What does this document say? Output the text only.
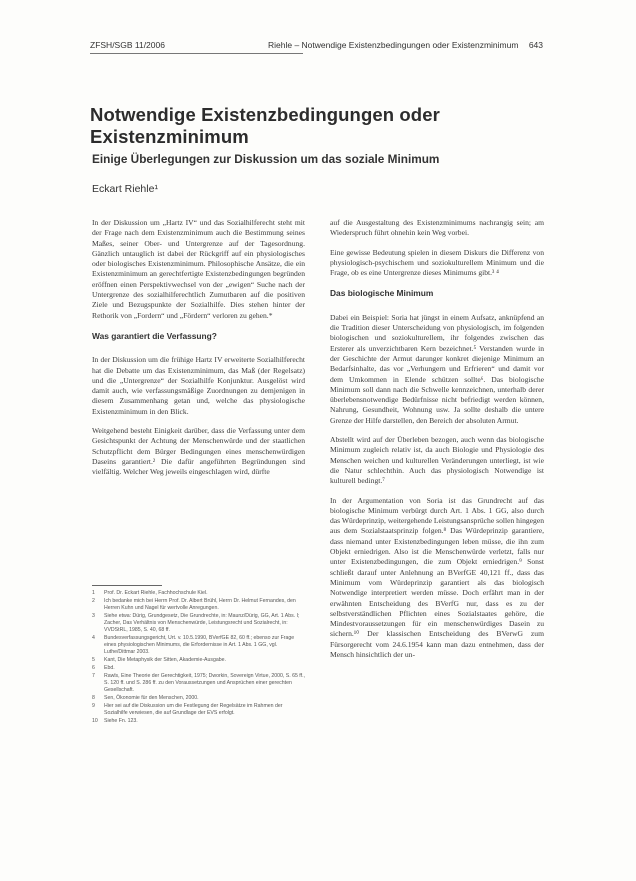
ZFSH/SGB 11/2006	Riehle – Notwendige Existenzbedingungen oder Existenzminimum 643
Notwendige Existenzbedingungen oder Existenzminimum
Einige Überlegungen zur Diskussion um das soziale Minimum
Eckart Riehle¹

In der Diskussion um „Hartz IV“ und das Sozialhilferecht steht mit der Frage nach dem Existenzminimum auch die Bestimmung seines Maßes, seiner Ober- und Untergrenze auf der Tagesordnung. Gänzlich untauglich ist dabei der Rückgriff auf ein physiologisches oder biologisches Existenzminimum. Philosophische Ansätze, die ein Existenzminimum an gerechtfertigte Existenzbedingungen begründen eröffnen einen Perspektivwechsel von der „ewigen“ Suche nach der Untergrenze des sozialhilferechtlich Zumutbaren auf die positiven Ziele und Bezugspunkte der Sozialhilfe. Dies stehen hinter der Rethorik von „Fordern“ und „Fördern“ verloren zu gehen.*

Was garantiert die Verfassung?

In der Diskussion um die frühige Hartz IV erweiterte Sozialhilferecht hat die Debatte um das Existenzminimum, das Maß (der Regelsatz) und die „Untergrenze“ der Sozialhilfe Konjunktur. Ausgelöst wird damit auch, wie verfassungsmäßige Zuordnungen zu demjenigen in diesem Zusammenhang getan und, welche das physiologische Existenzminimum in den Blick.

Weitgehend besteht Einigkeit darüber, dass die Verfassung unter dem Gesichtspunkt der Achtung der Menschenwürde und der staatlichen Schutzpflicht dem Bürger Bedingungen eines menschenwürdigen Daseins garantiert.² Die dafür angeführten Begründungen sind vielfältig. Welcher Weg jeweils eingeschlagen wird, dürfte

1	Prof. Dr. Eckart Riehle, Fachhochschule Kiel.
2	Ich bedanke mich bei Herrn Prof. Dr. Albert Brühl, Herrn Dr. Helmut Fernandes, den Herren Kuhn und Nagel für wertvolle Anregungen.
3	Siehe etwa: Dürig, Grundgesetz, Die Grundrechte, in: Maunz/Dürig, GG, Art. 1 Abs. I; Zacher, Das Verhältnis von Menschenwürde, Leistungsrecht und Sozialrecht, in: VVDStRL, 1985, S. 40, 68 ff.
4	Bundesverfassungsgericht, Urt. v. 10.5.1990, BVerfGE 82, 60 ff.; ebenso zur Frage eines physiologischen Minimums, die Erfordernisse in Art. 1 Abs. 1 GG, vgl. Luthe/Dittmar 2003.
5	Kant, Die Metaphysik der Sitten, Akademie-Ausgabe.
6	Ebd.
7	Rawls, Eine Theorie der Gerechtigkeit, 1975; Dworkin, Sovereign Virtue, 2000, S. 65 ff., S. 120 ff. und S. 286 ff. zu den Voraussetzungen und Ansprüchen einer gerechten Gesellschaft.
8	Sen, Ökonomie für den Menschen, 2000.
9	Hier sei auf die Diskussion um die Festlegung der Regelsätze im Rahmen der Sozialhilfe verwiesen, die auf Grundlage der EVS erfolgt.
10	Siehe Fn. 123.

auf die Ausgestaltung des Existenzminimums nachrangig sein; am Wiederspruch führt ohnehin kein Weg vorbei.

Eine gewisse Bedeutung spielen in diesem Diskurs die Differenz von physiologisch-psychischem und soziokulturellem Minimum und die Frage, ob es eine Untergrenze dieses Minimums gibt.³ ⁴

Das biologische Minimum

Dabei ein Beispiel: Soria hat jüngst in einem Aufsatz, anknüpfend an die Tradition dieser Unterscheidung von physiologisch, im folgenden biologischen und soziokulturellem, ihr folgendes zwischen das Ersterer als unverzichtbaren Kern bezeichnet.⁵ Verstanden wurde in der Geschichte der Armut darunger konkret diejenige Minimum an Bedarfsinhalte, das vor „Verhungern und Erfrieren“ und damit vor dem Umkommen in Elende schützen sollte⁶. Das biologische Minimum soll dann nach die Schwelle kennzeichnen, unterhalb derer überlebensnotwendige Bedürfnisse nicht befriedigt werden können, Nahrung, Gesundheit, Wohnung usw. Ja sollte deshalb die untere Grenze der Hilfe darstellen, den Bereich der absoluten Armut.

Abstellt wird auf der Überleben bezogen, auch wenn das biologische Minimum zugleich relativ ist, da auch Biologie und Physiologie des Menschen weichen und kulturellen Veränderungen unterliegt, ist wie die Natur schlechthin. Auch das physiologisch Notwendige ist kulturell bedingt.⁷

In der Argumentation von Soria ist das Grundrecht auf das biologische Minimum verbürgt durch Art. 1 Abs. 1 GG, also durch das Würdeprinzip, weitergehende Leistungsansprüche sollen hingegen aus dem Sozialstaatsprinzip folgen.⁸ Das Würdeprinzip garantiere, dass niemand unter Existenzbedingungen leben müsse, die ihn zum Objekt erniedrigen. Also ist die Menschenwürde verletzt, falls nur unter Existenzbedingungen, die zum Objekt erniedrigen.⁹ Sonst schließt darauf unter Anlehnung an BVerfGE 40,121 ff., dass das Minimum vom Würdeprinzip garantiert als das biologisch Notwendige interpretiert werden müsse. Doch erfährt man in der erwähnten Entscheidung des BVerfG nur, dass es zu der selbstverständlichen Pflichten eines Sozialstaates gehöre, die Mindestvoraussetzungen für ein menschenwürdiges Dasein zu sichern.¹⁰ Der klassischen Entscheidung des BVerwG zum Fürsorgerecht vom 24.6.1954 kann man dazu entnehmen, dass der Mensch hinsichtlich der un-
